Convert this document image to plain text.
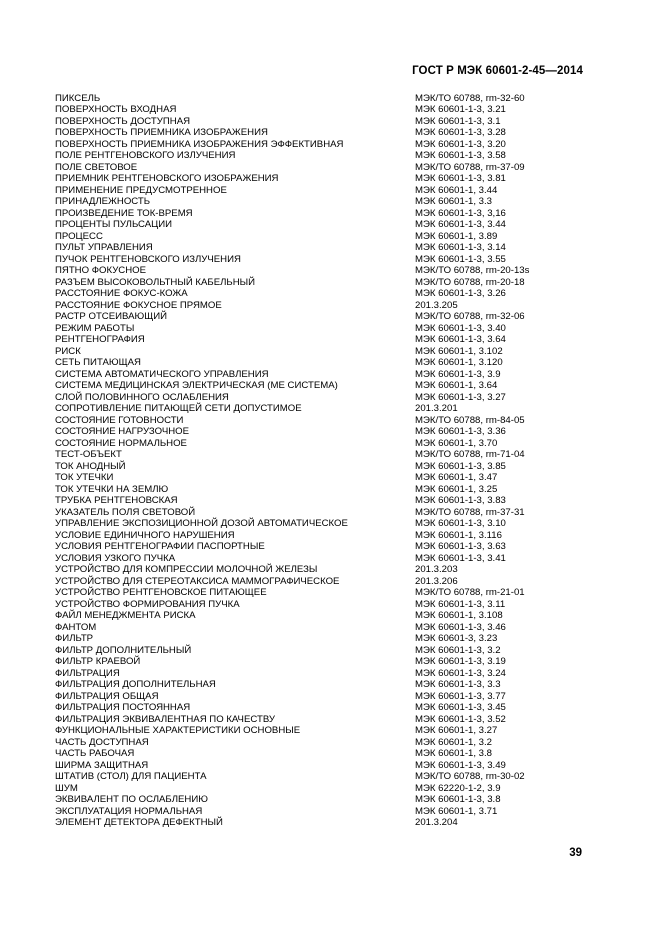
ГОСТ Р МЭК 60601-2-45—2014
ПИКСЕЛЬ	МЭК/ТО 60788, rm-32-60
ПОВЕРХНОСТЬ ВХОДНАЯ	МЭК 60601-1-3, 3.21
ПОВЕРХНОСТЬ ДОСТУПНАЯ	МЭК 60601-1-3, 3.1
ПОВЕРХНОСТЬ ПРИЕМНИКА ИЗОБРАЖЕНИЯ	МЭК 60601-1-3, 3.28
ПОВЕРХНОСТЬ ПРИЕМНИКА ИЗОБРАЖЕНИЯ ЭФФЕКТИВНАЯ	МЭК 60601-1-3, 3.20
ПОЛЕ РЕНТГЕНОВСКОГО ИЗЛУЧЕНИЯ	МЭК 60601-1-3, 3.58
ПОЛЕ СВЕТОВОЕ	МЭК/ТО 60788, rm-37-09
ПРИЕМНИК РЕНТГЕНОВСКОГО ИЗОБРАЖЕНИЯ	МЭК 60601-1-3, 3.81
ПРИМЕНЕНИЕ ПРЕДУСМОТРЕННОЕ	МЭК 60601-1, 3.44
ПРИНАДЛЕЖНОСТЬ	МЭК 60601-1, 3.3
ПРОИЗВЕДЕНИЕ ТОК-ВРЕМЯ	МЭК 60601-1-3, 3,16
ПРОЦЕНТЫ ПУЛЬСАЦИИ	МЭК 60601-1-3, 3.44
ПРОЦЕСС	МЭК 60601-1, 3.89
ПУЛЬТ УПРАВЛЕНИЯ	МЭК 60601-1-3, 3.14
ПУЧОК РЕНТГЕНОВСКОГО ИЗЛУЧЕНИЯ	МЭК 60601-1-3, 3.55
ПЯТНО ФОКУСНОЕ	МЭК/ТО 60788, rm-20-13s
РАЗЪЕМ ВЫСОКОВОЛЬТНЫЙ КАБЕЛЬНЫЙ	МЭК/ТО 60788, rm-20-18
РАССТОЯНИЕ ФОКУС-КОЖА	МЭК 60601-1-3, 3.26
РАССТОЯНИЕ ФОКУСНОЕ ПРЯМОЕ	201.3.205
РАСТР ОТСЕИВАЮЩИЙ	МЭК/ТО 60788, rm-32-06
РЕЖИМ РАБОТЫ	МЭК 60601-1-3, 3.40
РЕНТГЕНОГРАФИЯ	МЭК 60601-1-3, 3.64
РИСК	МЭК 60601-1, 3.102
СЕТЬ ПИТАЮЩАЯ	МЭК 60601-1, 3.120
СИСТЕМА АВТОМАТИЧЕСКОГО УПРАВЛЕНИЯ	МЭК 60601-1-3, 3.9
СИСТЕМА МЕДИЦИНСКАЯ ЭЛЕКТРИЧЕСКАЯ (МЕ СИСТЕМА)	МЭК 60601-1, 3.64
СЛОЙ ПОЛОВИННОГО ОСЛАБЛЕНИЯ	МЭК 60601-1-3, 3.27
СОПРОТИВЛЕНИЕ ПИТАЮЩЕЙ СЕТИ ДОПУСТИМОЕ	201.3.201
СОСТОЯНИЕ ГОТОВНОСТИ	МЭК/ТО 60788, rm-84-05
СОСТОЯНИЕ НАГРУЗОЧНОЕ	МЭК 60601-1-3, 3.36
СОСТОЯНИЕ НОРМАЛЬНОЕ	МЭК 60601-1, 3.70
ТЕСТ-ОБЪЕКТ	МЭК/ТО 60788, rm-71-04
ТОК АНОДНЫЙ	МЭК 60601-1-3, 3.85
ТОК УТЕЧКИ	МЭК 60601-1, 3.47
ТОК УТЕЧКИ НА ЗЕМЛЮ	МЭК 60601-1, 3.25
ТРУБКА РЕНТГЕНОВСКАЯ	МЭК 60601-1-3, 3.83
УКАЗАТЕЛЬ ПОЛЯ СВЕТОВОЙ	МЭК/ТО 60788, rm-37-31
УПРАВЛЕНИЕ ЭКСПОЗИЦИОННОЙ ДОЗОЙ АВТОМАТИЧЕСКОЕ	МЭК 60601-1-3, 3.10
УСЛОВИЕ ЕДИНИЧНОГО НАРУШЕНИЯ	МЭК 60601-1, 3.116
УСЛОВИЯ РЕНТГЕНОГРАФИИ ПАСПОРТНЫЕ	МЭК 60601-1-3, 3.63
УСЛОВИЯ УЗКОГО ПУЧКА	МЭК 60601-1-3, 3.41
УСТРОЙСТВО ДЛЯ КОМПРЕССИИ МОЛОЧНОЙ ЖЕЛЕЗЫ	201.3.203
УСТРОЙСТВО ДЛЯ СТЕРЕОТАКСИСА МАММОГРАФИЧЕСКОЕ	201.3.206
УСТРОЙСТВО РЕНТГЕНОВСКОЕ ПИТАЮЩЕЕ	МЭК/ТО 60788, rm-21-01
УСТРОЙСТВО ФОРМИРОВАНИЯ ПУЧКА	МЭК 60601-1-3, 3.11
ФАЙЛ МЕНЕДЖМЕНТА РИСКА	МЭК 60601-1, 3.108
ФАНТОМ	МЭК 60601-1-3, 3.46
ФИЛЬТР	МЭК 60601-3, 3.23
ФИЛЬТР ДОПОЛНИТЕЛЬНЫЙ	МЭК 60601-1-3, 3.2
ФИЛЬТР КРАЕВОЙ	МЭК 60601-1-3, 3.19
ФИЛЬТРАЦИЯ	МЭК 60601-1-3, 3.24
ФИЛЬТРАЦИЯ ДОПОЛНИТЕЛЬНАЯ	МЭК 60601-1-3, 3.3
ФИЛЬТРАЦИЯ ОБЩАЯ	МЭК 60601-1-3, 3.77
ФИЛЬТРАЦИЯ ПОСТОЯННАЯ	МЭК 60601-1-3, 3.45
ФИЛЬТРАЦИЯ ЭКВИВАЛЕНТНАЯ ПО КАЧЕСТВУ	МЭК 60601-1-3, 3.52
ФУНКЦИОНАЛЬНЫЕ ХАРАКТЕРИСТИКИ ОСНОВНЫЕ	МЭК 60601-1, 3.27
ЧАСТЬ ДОСТУПНАЯ	МЭК 60601-1, 3.2
ЧАСТЬ РАБОЧАЯ	МЭК 60601-1, 3.8
ШИРМА ЗАЩИТНАЯ	МЭК 60601-1-3, 3.49
ШТАТИВ (СТОЛ) ДЛЯ ПАЦИЕНТА	МЭК/ТО 60788, rm-30-02
ШУМ	МЭК 62220-1-2, 3.9
ЭКВИВАЛЕНТ ПО ОСЛАБЛЕНИЮ	МЭК 60601-1-3, 3.8
ЭКСПЛУАТАЦИЯ НОРМАЛЬНАЯ	МЭК 60601-1, 3.71
ЭЛЕМЕНТ ДЕТЕКТОРА ДЕФЕКТНЫЙ	201.3.204
39
